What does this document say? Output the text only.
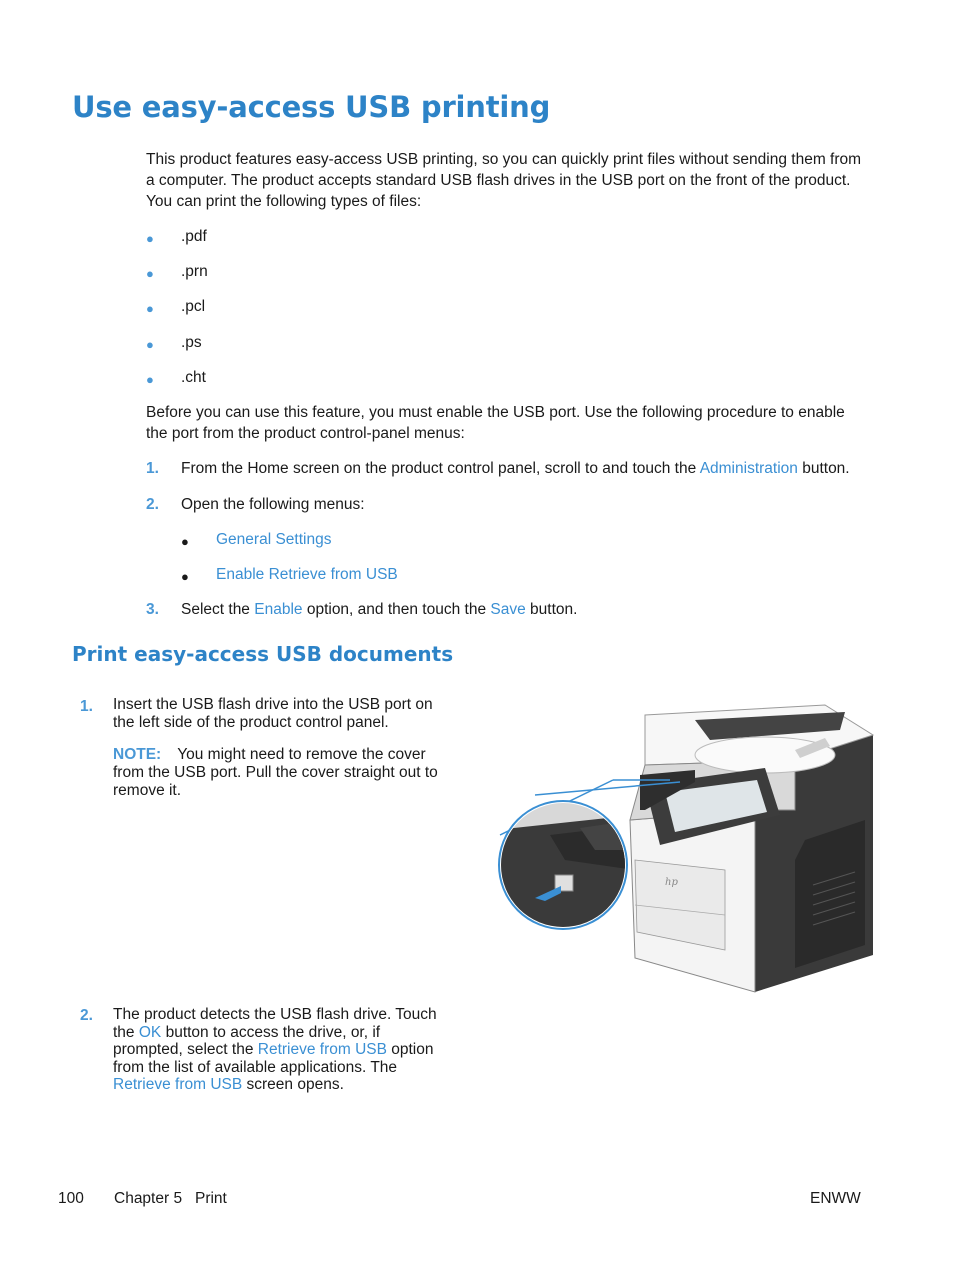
Use easy-access USB printing
This product features easy-access USB printing, so you can quickly print files without sending them from a computer. The product accepts standard USB flash drives in the USB port on the front of the product. You can print the following types of files:
● .pdf
● .prn
● .pcl
● .ps
● .cht
Before you can use this feature, you must enable the USB port. Use the following procedure to enable the port from the product control-panel menus:
1. From the Home screen on the product control panel, scroll to and touch the Administration button.
2. Open the following menus:
● General Settings
● Enable Retrieve from USB
3. Select the Enable option, and then touch the Save button.
Print easy-access USB documents
1. Insert the USB flash drive into the USB port on
the left side of the product control panel.
NOTE: You might need to remove the cover
from the USB port. Pull the cover straight out to
remove it.
hp
2. The product detects the USB flash drive. Touch
the OK button to access the drive, or, if
prompted, select the Retrieve from USB option
from the list of available applications. The
Retrieve from USB screen opens.
100 Chapter 5   Print	ENWW
